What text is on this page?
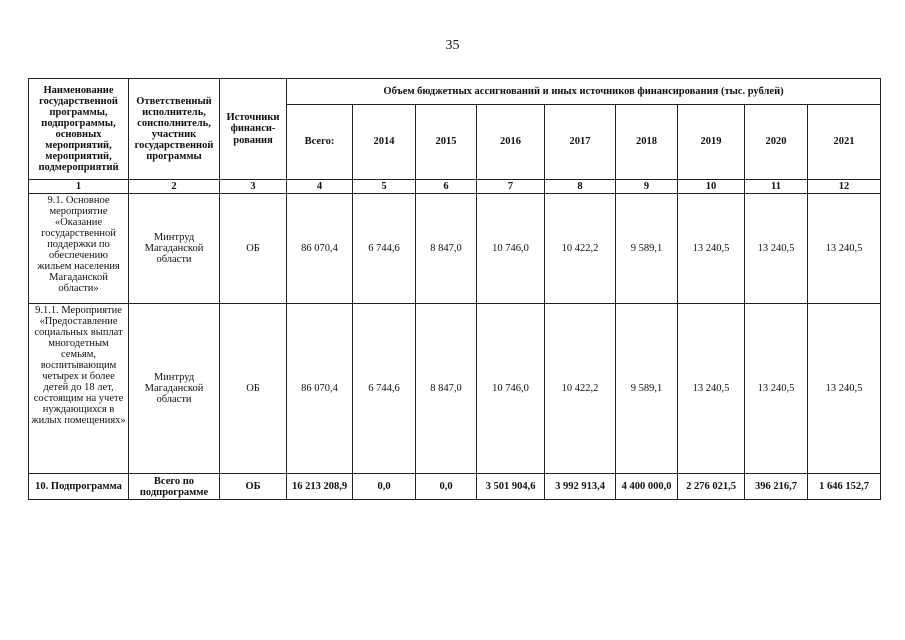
35
Наименование государственной программы, подпрограммы, основных мероприятий, мероприятий, подмероприятий	Ответственный исполнитель, соисполнитель, участник государственной программы	Источники финанси-рования	Объем бюджетных ассигнований и иных источников финансирования (тыс. рублей)								
			Всего:	2014	2015	2016	2017	2018	2019	2020	2021
1	2	3	4	5	6	7	8	9	10	11	12
9.1. Основное мероприятие «Оказание государственной поддержки по обеспечению жильем населения Магаданской области»	Минтруд Магаданской области	ОБ	86 070,4	6 744,6	8 847,0	10 746,0	10 422,2	9 589,1	13 240,5	13 240,5	13 240,5
9.1.1. Мероприятие «Предоставление социальных выплат многодетным семьям, воспитывающим четырех и более детей до 18 лет, состоящим на учете нуждающихся в жилых помещениях»	Минтруд Магаданской области	ОБ	86 070,4	6 744,6	8 847,0	10 746,0	10 422,2	9 589,1	13 240,5	13 240,5	13 240,5
10. Подпрограмма	Всего по подпрограмме	ОБ	16 213 208,9	0,0	0,0	3 501 904,6	3 992 913,4	4 400 000,0	2 276 021,5	396 216,7	1 646 152,7
